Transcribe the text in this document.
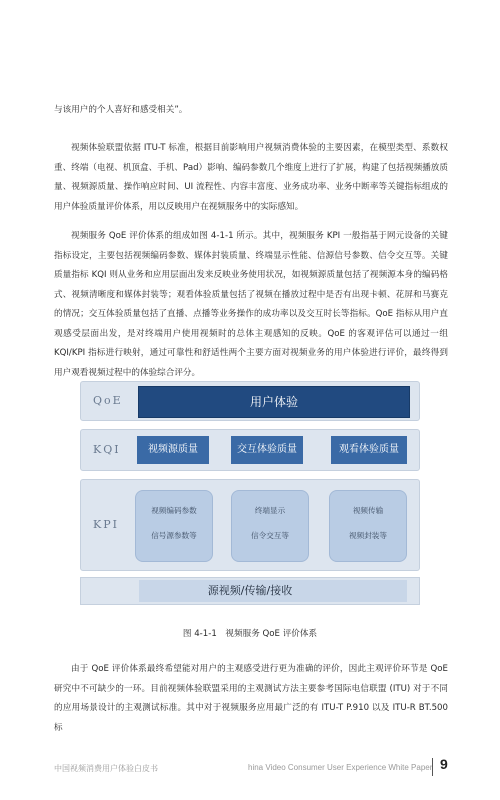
与该用户的个人喜好和感受相关”。
视频体验联盟依据 ITU-T 标准，根据目前影响用户视频消费体验的主要因素，在模型类型、系数权重、终端（电视、机顶盒、手机、Pad）影响、编码参数几个维度上进行了扩展，构建了包括视频播放质量、视频源质量、操作响应时间、UI 流程性、内容丰富度、业务成功率、业务中断率等关键指标组成的用户体验质量评价体系，用以反映用户在视频服务中的实际感知。
视频服务 QoE 评价体系的组成如图 4-1-1 所示。其中，视频服务 KPI 一般指基于网元设备的关键指标设定，主要包括视频编码参数、媒体封装质量、终端显示性能、信源信号参数、信令交互等。关键质量指标 KQI 则从业务和应用层面出发来反映业务使用状况，如视频源质量包括了视频源本身的编码格式、视频清晰度和媒体封装等；观看体验质量包括了视频在播放过程中是否有出现卡顿、花屏和马赛克的情况；交互体验质量包括了直播、点播等业务操作的成功率以及交互时长等指标。QoE 指标从用户直观感受层面出发，是对终端用户使用视频时的总体主观感知的反映。QoE 的客观评估可以通过一组 KQI/KPI 指标进行映射，通过可靠性和舒适性两个主要方面对视频业务的用户体验进行评价，最终得到用户观看视频过程中的体验综合评分。
QoE	用户体验
KQI	视频源质量	交互体验质量	观看体验质量
KPI
视频编码参数
信号源参数等
终端显示
信令交互等
视频传输
视频封装等
源视频/传输/接收
图 4-1-1　视频服务 QoE 评价体系
由于 QoE 评价体系最终希望能对用户的主观感受进行更为准确的评价，因此主观评价环节是 QoE 研究中不可缺少的一环。目前视频体验联盟采用的主观测试方法主要参考国际电信联盟 (ITU) 对于不同的应用场景设计的主观测试标准。其中对于视频服务应用最广泛的有 ITU-T P.910 以及 ITU-R BT.500 标
中国视频消费用户体验白皮书	hina Video Consumer User Experience White Paper 9
